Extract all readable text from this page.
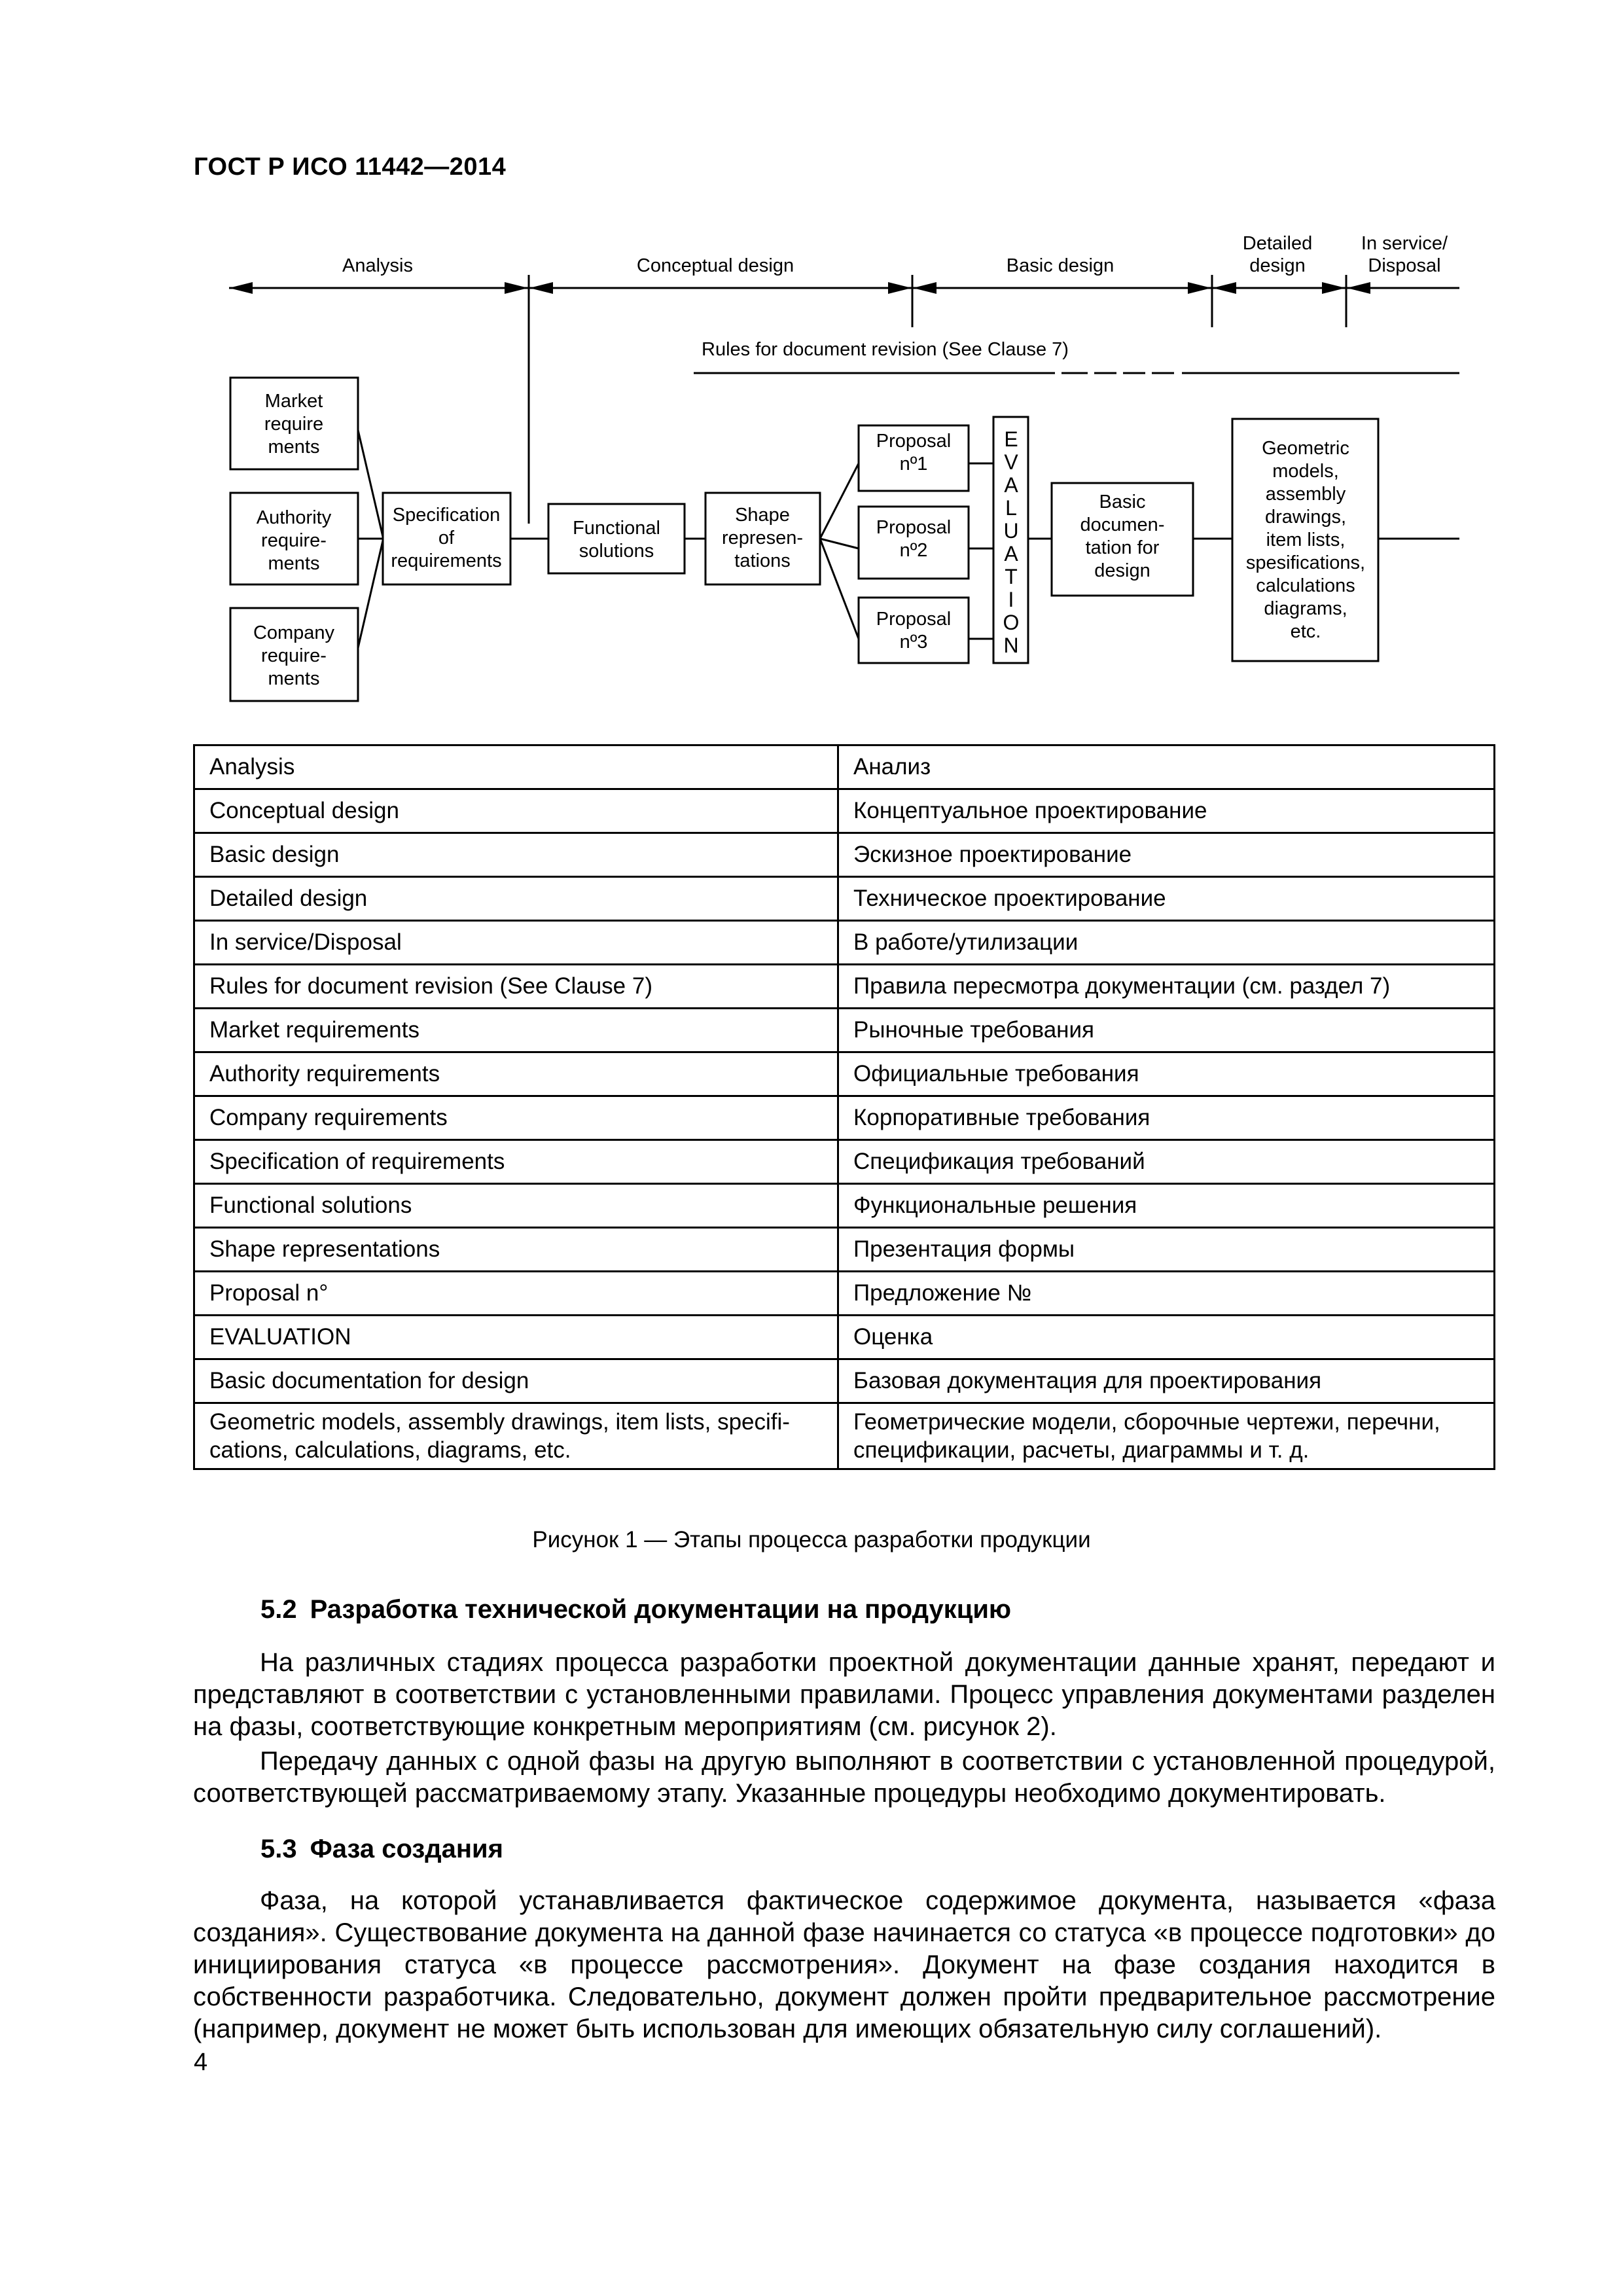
ГОСТ Р ИСО 11442—2014
Analysis	Conceptual design	Basic design
Detailed
design
In service/
Disposal
Rules for document revision (See Clause 7)
Market
require
ments
Authority
require-
ments
Company
require-
ments
Specification
of
requirements
Functional
solutions
Shape
represen-
tations
Proposal
nº1
Proposal
nº2
Proposal
nº3
Basic
documen-
tation for
design
Geometric
models,
assembly
drawings,
item lists,
spesifications,
calculations
diagrams,
etc.
E
V
A
L
U
A
T
I
O
N
Analysis	Анализ
Conceptual design	Концептуальное проектирование
Basic design	Эскизное проектирование
Detailed design	Техническое проектирование
In service/Disposal	В работе/утилизации
Rules for document revision (See Clause 7)	Правила пересмотра документации (см. раздел 7)
Market requirements	Рыночные требования
Authority requirements	Официальные требования
Company requirements	Корпоративные требования
Specification of requirements	Спецификация требований
Functional solutions	Функциональные решения
Shape representations	Презентация формы
Proposal n°	Предложение №
EVALUATION	Оценка
Basic documentation for design	Базовая документация для проектирования
Geometric models, assembly drawings, item lists, specifi-cations, calculations, diagrams, etc.	Геометрические модели, сборочные чертежи, перечни, спецификации, расчеты, диаграммы и т. д.
Рисунок 1 — Этапы процесса разработки продукции
5.2 Разработка технической документации на продукцию

На различных стадиях процесса разработки проектной документации данные хранят, передают и представляют в соответствии с установленными правилами. Процесс управления документами разделен на фазы, соответствующие конкретным мероприятиям (см. рисунок 2).

Передачу данных с одной фазы на другую выполняют в соответствии с установленной процедурой, соответствующей рассматриваемому этапу. Указанные процедуры необходимо документировать.

5.3 Фаза создания

Фаза, на которой устанавливается фактическое содержимое документа, называется «фаза создания». Существование документа на данной фазе начинается со статуса «в процессе подготовки» до инициирования статуса «в процессе рассмотрения». Документ на фазе создания находится в собственности разработчика. Следовательно, документ должен пройти предварительное рассмотрение (например, документ не может быть использован для имеющих обязательную силу соглашений).

4
